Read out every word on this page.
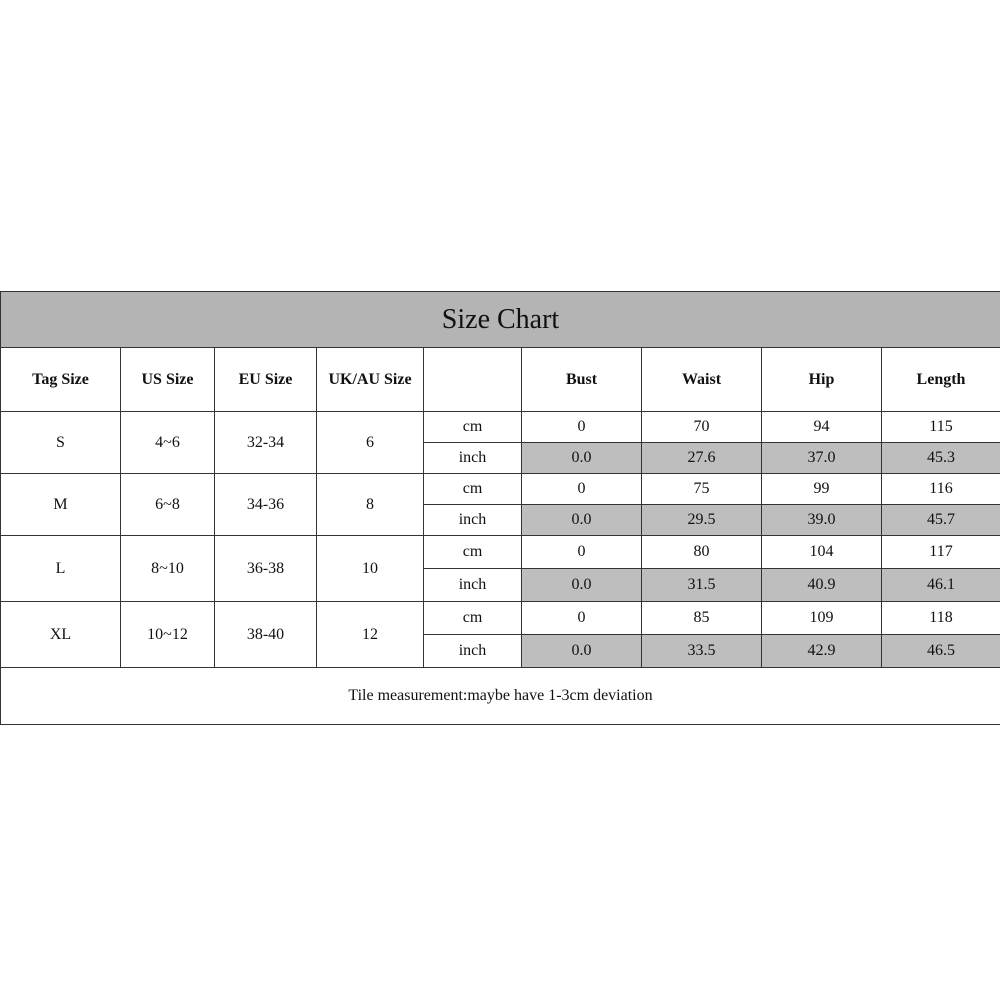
Size Chart								
Tag Size	US Size	EU Size	UK/AU Size		Bust	Waist	Hip	Length
S	4~6	32-34	6	cm	0	70	94	115
				inch	0.0	27.6	37.0	45.3
M	6~8	34-36	8	cm	0	75	99	116
				inch	0.0	29.5	39.0	45.7
L	8~10	36-38	10	cm	0	80	104	117
				inch	0.0	31.5	40.9	46.1
XL	10~12	38-40	12	cm	0	85	109	118
				inch	0.0	33.5	42.9	46.5
Tile measurement:maybe have 1-3cm deviation								
